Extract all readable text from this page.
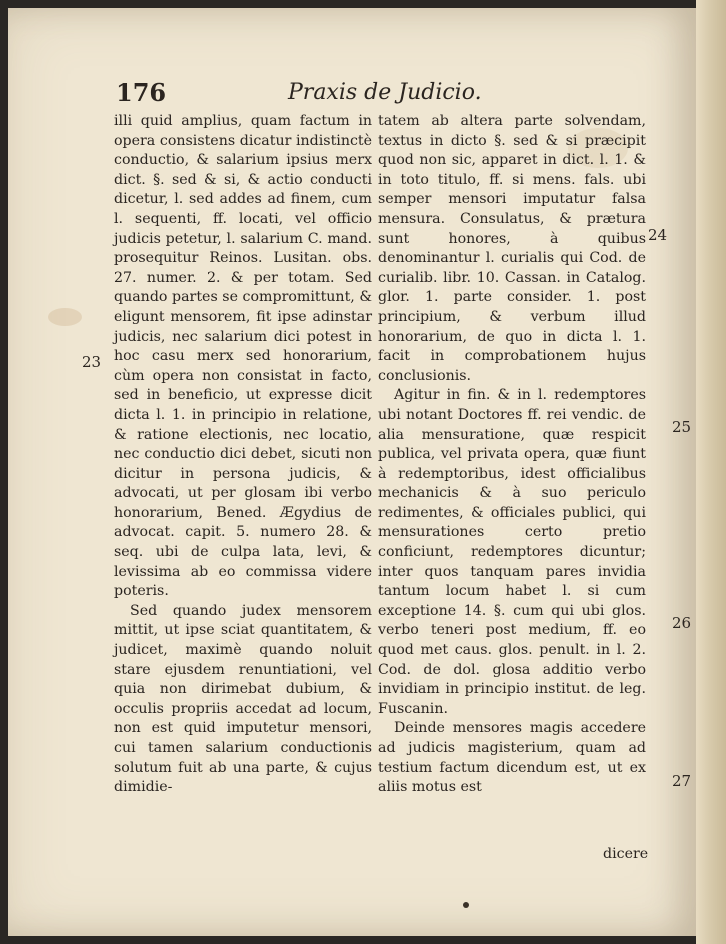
176	Praxis de Judicio.

illi quid amplius, quam factum in opera consistens dicatur indistinctè conductio, & salarium ipsius merx dict. §. sed & si, & actio conducti dicetur, l. sed addes ad finem, cum l. sequenti, ff. locati, vel officio judicis petetur, l. salarium C. mand. prosequitur Reinos. Lusitan. obs. 27. numer. 2. & per totam. Sed quando partes se compromittunt, & eligunt mensorem, fit ipse adinstar judicis, nec salarium dici potest in hoc casu merx sed honorarium, cùm opera non consistat in facto, sed in beneficio, ut expresse dicit dicta l. 1. in principio in relatione, & ratione electionis, nec locatio, nec conductio dici debet, sicuti non dicitur in persona judicis, & advocati, ut per glosam ibi verbo honorarium, Bened. Ægydius de advocat. capit. 5. numero 28. & seq. ubi de culpa lata, levi, & levissima ab eo commissa videre poteris.

Sed quando judex mensorem mittit, ut ipse sciat quantitatem, & judicet, maximè quando noluit stare ejusdem renuntiationi, vel quia non dirimebat dubium, & occulis propriis accedat ad locum, non est quid imputetur mensori, cui tamen salarium conductionis solutum fuit ab una parte, & cujus dimidie-

tatem ab altera parte solvendam, textus in dicto §. sed & si præcipit quod non sic, apparet in dict. l. 1. & in toto titulo, ff. si mens. fals. ubi semper mensori imputatur falsa mensura. Consulatus, & prætura sunt honores, à quibus denominantur l. curialis qui Cod. de curialib. libr. 10. Cassan. in Catalog. glor. 1. parte consider. 1. post principium, & verbum illud honorarium, de quo in dicta l. 1. facit in comprobationem hujus conclusionis.

Agitur in fin. & in l. redemptores ubi notant Doctores ff. rei vendic. de alia mensuratione, quæ respicit publica, vel privata opera, quæ fiunt à redemptoribus, idest officialibus mechanicis & à suo periculo redimentes, & officiales publici, qui mensurationes certo pretio conficiunt, redemptores dicuntur; inter quos tanquam pares invidia tantum locum habet l. si cum exceptione 14. §. cum qui ubi glos. verbo teneri post medium, ff. eo quod met caus. glos. penult. in l. 2. Cod. de dol. glosa additio verbo invidiam in principio institut. de leg. Fuscanin.

Deinde mensores magis accedere ad judicis magisterium, quam ad testium factum dicendum est, ut ex aliis motus est

23
24
25
26
27
dicere
